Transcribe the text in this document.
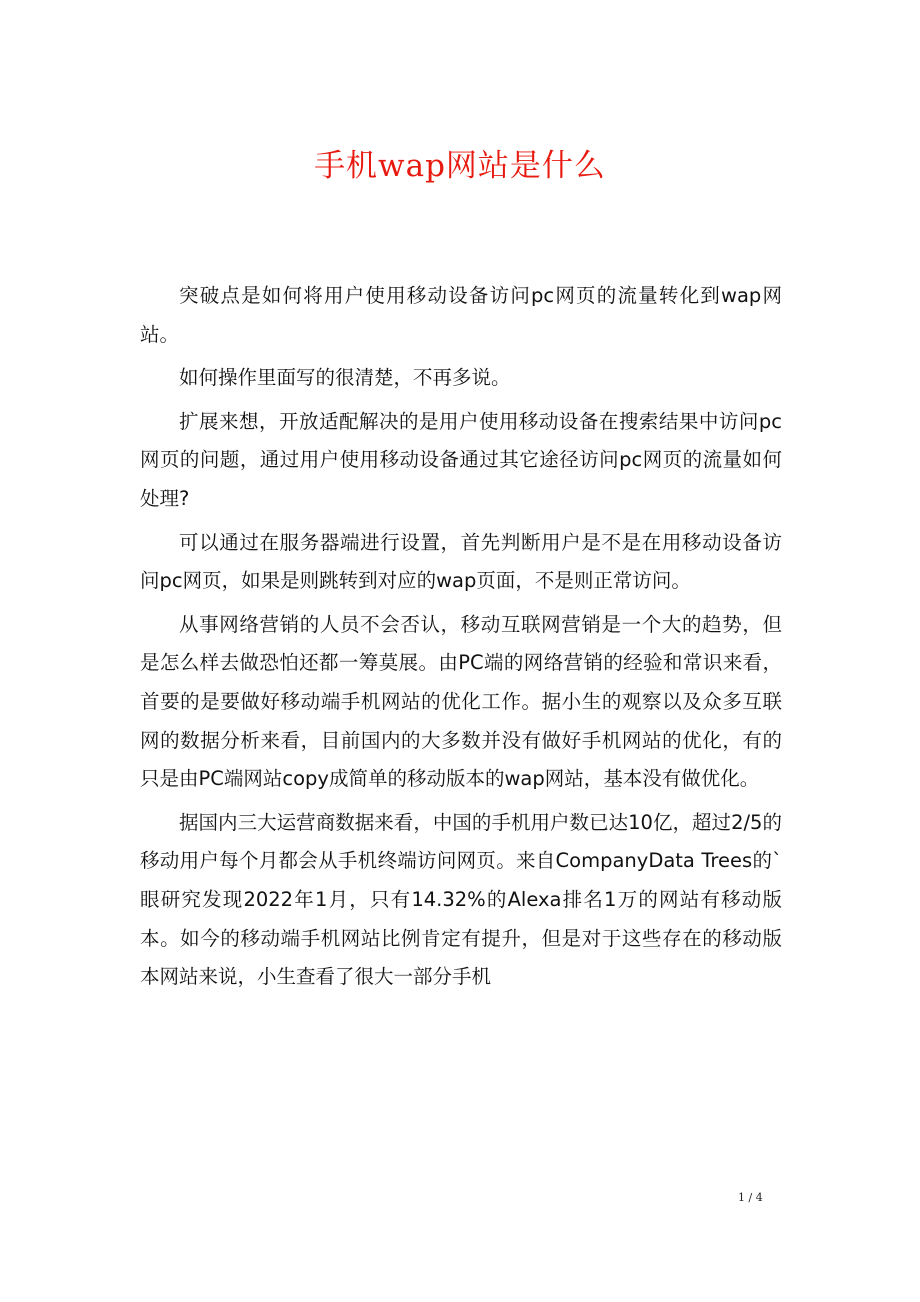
手机wap网站是什么

突破点是如何将用户使用移动设备访问pc网页的流量转化到wap网站。

如何操作里面写的很清楚，不再多说。

扩展来想，开放适配解决的是用户使用移动设备在搜索结果中访问pc网页的问题，通过用户使用移动设备通过其它途径访问pc网页的流量如何处理?

可以通过在服务器端进行设置，首先判断用户是不是在用移动设备访问pc网页，如果是则跳转到对应的wap页面，不是则正常访问。

从事网络营销的人员不会否认，移动互联网营销是一个大的趋势，但是怎么样去做恐怕还都一筹莫展。由PC端的网络营销的经验和常识来看，首要的是要做好移动端手机网站的优化工作。据小生的观察以及众多互联网的数据分析来看，目前国内的大多数并没有做好手机网站的优化，有的只是由PC端网站copy成简单的移动版本的wap网站，基本没有做优化。

据国内三大运营商数据来看，中国的手机用户数已达10亿，超过2/5的移动用户每个月都会从手机终端访问网页。来自CompanyData Trees的`眼研究发现2022年1月，只有14.32%的Alexa排名1万的网站有移动版本。如今的移动端手机网站比例肯定有提升，但是对于这些存在的移动版本网站来说，小生查看了很大一部分手机

1 / 4
